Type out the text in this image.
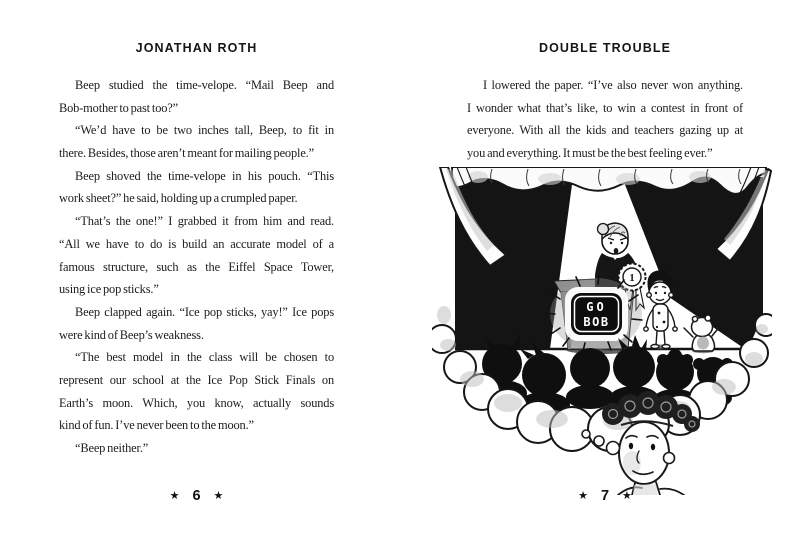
JONATHAN ROTH
Beep studied the time-velope. “Mail Beep and
Bob-mother to past too?”
“We’d have to be two inches tall, Beep, to fit in
there. Besides, those aren’t meant for mailing people.”
Beep shoved the time-velope in his pouch. “This
work sheet?” he said, holding up a crumpled paper.
“That’s the one!” I grabbed it from him and read.
“All we have to do is build an accurate model of a
famous structure, such as the Eiffel Space Tower,
using ice pop sticks.”
Beep clapped again. “Ice pop sticks, yay!” Ice pops
were kind of Beep’s weakness.
“The best model in the class will be chosen to
represent our school at the Ice Pop Stick Finals on
Earth’s moon. Which, you know, actually sounds
kind of fun. I’ve never been to the moon.”
“Beep neither.”
★ 6 ★
DOUBLE TROUBLE
I lowered the paper. “I’ve also never won anything.
I wonder what that’s like, to win a contest in front of
everyone. With all the kids and teachers gazing up at
you and everything. It must be the best feeling ever.”
★ 7 ★
1
GO
BOB
